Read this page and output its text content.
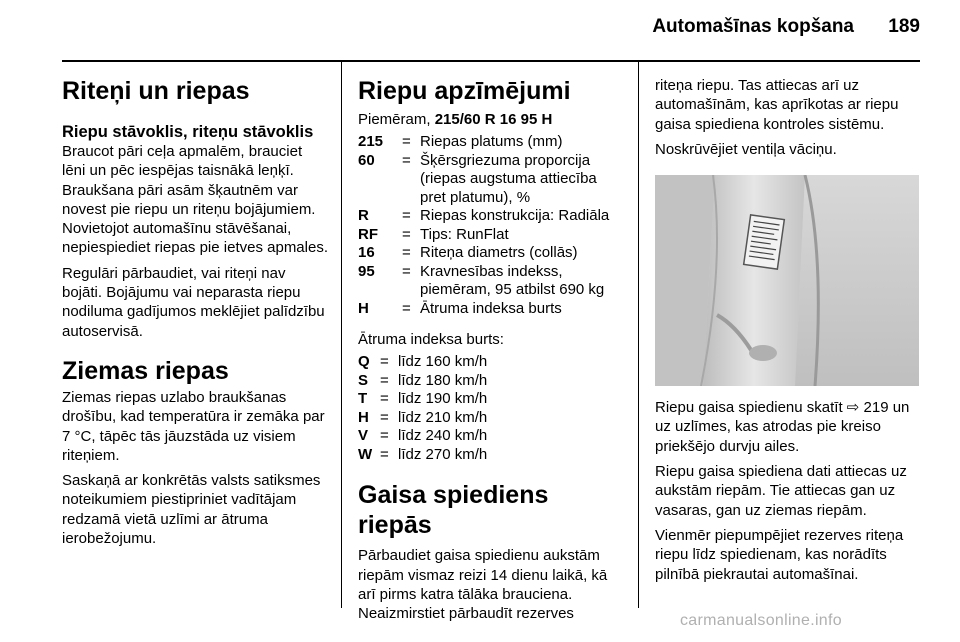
Automašīnas kopšana	189
Riteņi un riepas
Riepu stāvoklis, riteņu stāvoklis

Braucot pāri ceļa apmalēm, brauciet lēni un pēc iespējas taisnākā leņķī. Braukšana pāri asām šķautnēm var novest pie riepu un riteņu bojājumiem. Novietojot automašīnu stāvēšanai, nepiespiediet riepas pie ietves apmales.

Regulāri pārbaudiet, vai riteņi nav bojāti. Bojājumu vai neparasta riepu nodiluma gadījumos meklējiet palīdzību autoservisā.

Ziemas riepas

Ziemas riepas uzlabo braukšanas drošību, kad temperatūra ir zemāka par 7 °C, tāpēc tās jāuzstāda uz visiem riteņiem.

Saskaņā ar konkrētās valsts satiksmes noteikumiem piestipriniet vadītājam redzamā vietā uzlīmi ar ātruma ierobežojumu.

Riepu apzīmējumi
Piemēram, 215/60 R 16 95 H
215	= Riepas platums (mm)
60	= Šķērsgriezuma proporcija (riepas augstuma attiecība pret platumu), %
R	= Riepas konstrukcija: Radiāla
RF	= Tips: RunFlat
16	= Riteņa diametrs (collās)
95	= Kravnesības indekss, piemēram, 95 atbilst 690 kg
H	= Ātruma indeksa burts

Ātruma indeksa burts:

Q = līdz 160 km/h
S = līdz 180 km/h
T = līdz 190 km/h
H = līdz 210 km/h
V = līdz 240 km/h
W = līdz 270 km/h
Gaisa spiediens riepās

Pārbaudiet gaisa spiedienu aukstām riepām vismaz reizi 14 dienu laikā, kā arī pirms katra tālāka brauciena. Neaizmirstiet pārbaudīt rezerves

riteņa riepu. Tas attiecas arī uz automašīnām, kas aprīkotas ar riepu gaisa spiediena kontroles sistēmu.

Noskrūvējiet ventiļa vāciņu.

Riepu gaisa spiedienu skatīt ⇨ 219 un uz uzlīmes, kas atrodas pie kreiso priekšējo durvju ailes.

Riepu gaisa spiediena dati attiecas uz aukstām riepām. Tie attiecas gan uz vasaras, gan uz ziemas riepām.

Vienmēr piepumpējiet rezerves riteņa riepu līdz spiedienam, kas norādīts pilnībā piekrautai automašīnai.

carmanualsonline.info
